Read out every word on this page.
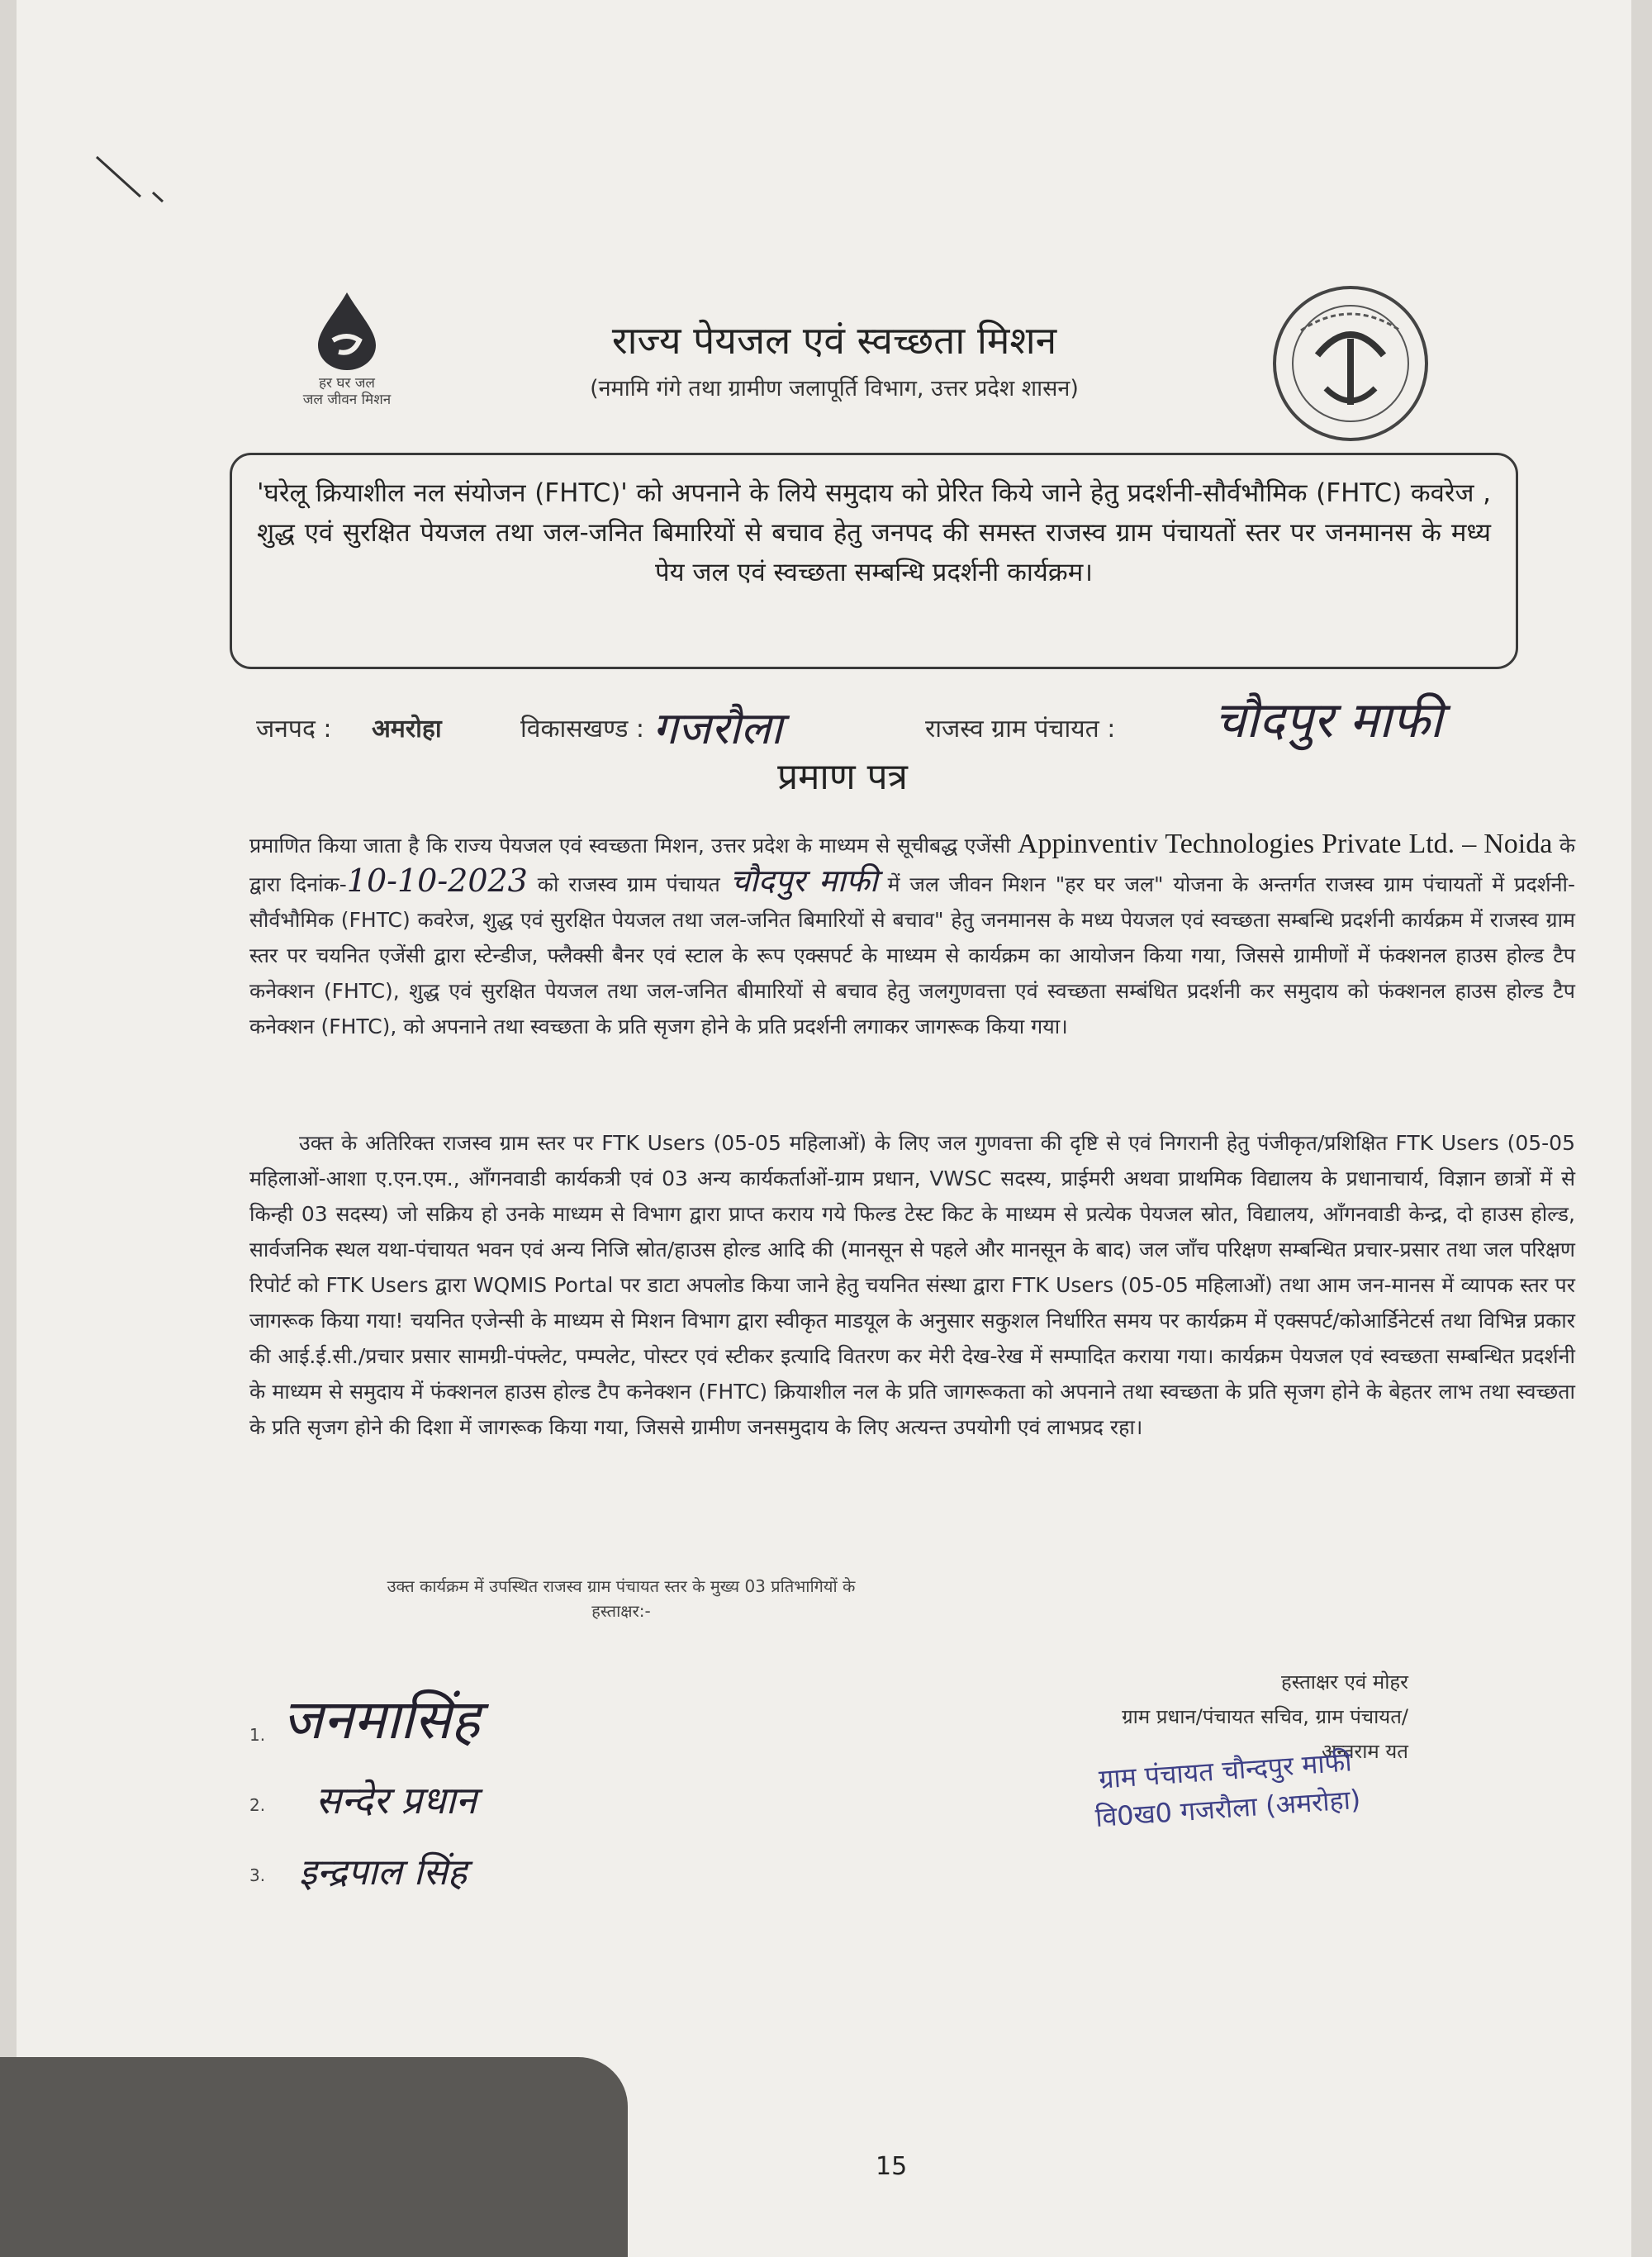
हर घर जल
जल जीवन मिशन
राज्य पेयजल एवं स्वच्छता मिशन
(नमामि गंगे तथा ग्रामीण जलापूर्ति विभाग, उत्तर प्रदेश शासन)
'घरेलू क्रियाशील नल संयोजन (FHTC)' को अपनाने के लिये समुदाय को प्रेरित किये जाने हेतु प्रदर्शनी-सौर्वभौमिक (FHTC) कवरेज , शुद्ध एवं सुरक्षित पेयजल तथा जल-जनित बिमारियों से बचाव हेतु जनपद की समस्त राजस्व ग्राम पंचायतों स्तर पर जनमानस के मध्य पेय जल एवं स्वच्छता सम्बन्धि प्रदर्शनी कार्यक्रम।
जनपद : अमरोहा	विकासखण्ड : गजरौला	राजस्व ग्राम पंचायत : चौदपुर माफी
प्रमाण पत्र
प्रमाणित किया जाता है कि राज्य पेयजल एवं स्वच्छता मिशन, उत्तर प्रदेश के माध्यम से सूचीबद्ध एजेंसी Appinventiv Technologies Private Ltd. – Noida के द्वारा दिनांक-10-10-2023 को राजस्व ग्राम पंचायत चौदपुर माफी में जल जीवन मिशन "हर घर जल" योजना के अन्तर्गत राजस्व ग्राम पंचायतों में प्रदर्शनी-सौर्वभौमिक (FHTC) कवरेज, शुद्ध एवं सुरक्षित पेयजल तथा जल-जनित बिमारियों से बचाव" हेतु जनमानस के मध्य पेयजल एवं स्वच्छता सम्बन्धि प्रदर्शनी कार्यक्रम में राजस्व ग्राम स्तर पर चयनित एजेंसी द्वारा स्टेन्डीज, फ्लैक्सी बैनर एवं स्टाल के रूप एक्सपर्ट के माध्यम से कार्यक्रम का आयोजन किया गया, जिससे ग्रामीणों में फंक्शनल हाउस होल्ड टैप कनेक्शन (FHTC), शुद्ध एवं सुरक्षित पेयजल तथा जल-जनित बीमारियों से बचाव हेतु जलगुणवत्ता एवं स्वच्छता सम्बंधित प्रदर्शनी कर समुदाय को फंक्शनल हाउस होल्ड टैप कनेक्शन (FHTC), को अपनाने तथा स्वच्छता के प्रति सृजग होने के प्रति प्रदर्शनी लगाकर जागरूक किया गया।
उक्त के अतिरिक्त राजस्व ग्राम स्तर पर FTK Users (05-05 महिलाओं) के लिए जल गुणवत्ता की दृष्टि से एवं निगरानी हेतु पंजीकृत/प्रशिक्षित FTK Users (05-05 महिलाओं-आशा ए.एन.एम., आँगनवाडी कार्यकत्री एवं 03 अन्य कार्यकर्ताओं-ग्राम प्रधान, VWSC सदस्य, प्राईमरी अथवा प्राथमिक विद्यालय के प्रधानाचार्य, विज्ञान छात्रों में से किन्ही 03 सदस्य) जो सक्रिय हो उनके माध्यम से विभाग द्वारा प्राप्त कराय गये फिल्ड टेस्ट किट के माध्यम से प्रत्येक पेयजल स्रोत, विद्यालय, आँगनवाडी केन्द्र, दो हाउस होल्ड, सार्वजनिक स्थल यथा-पंचायत भवन एवं अन्य निजि स्रोत/हाउस होल्ड आदि की (मानसून से पहले और मानसून के बाद) जल जाँच परिक्षण सम्बन्धित प्रचार-प्रसार तथा जल परिक्षण रिपोर्ट को FTK Users द्वारा WQMIS Portal पर डाटा अपलोड किया जाने हेतु चयनित संस्था द्वारा FTK Users (05-05 महिलाओं) तथा आम जन-मानस में व्यापक स्तर पर जागरूक किया गया! चयनित एजेन्सी के माध्यम से मिशन विभाग द्वारा स्वीकृत माडयूल के अनुसार सकुशल निर्धारित समय पर कार्यक्रम में एक्सपर्ट/कोआर्डिनेटर्स तथा विभिन्न प्रकार की आई.ई.सी./प्रचार प्रसार सामग्री-पंफ्लेट, पम्पलेट, पोस्टर एवं स्टीकर इत्यादि वितरण कर मेरी देख-रेख में सम्पादित कराया गया। कार्यक्रम पेयजल एवं स्वच्छता सम्बन्धित प्रदर्शनी के माध्यम से समुदाय में फंक्शनल हाउस होल्ड टैप कनेक्शन (FHTC) क्रियाशील नल के प्रति जागरूकता को अपनाने तथा स्वच्छता के प्रति सृजग होने के बेहतर लाभ तथा स्वच्छता के प्रति सृजग होने की दिशा में जागरूक किया गया, जिससे ग्रामीण जनसमुदाय के लिए अत्यन्त उपयोगी एवं लाभप्रद रहा।
उक्त कार्यक्रम में उपस्थित राजस्व ग्राम पंचायत स्तर के मुख्य 03 प्रतिभागियों के
हस्ताक्षर:-
1. जनमासिंह
2. सन्देर प्रधान
3. इन्द्रपाल सिंह
हस्ताक्षर एवं मोहर
ग्राम प्रधान/पंचायत सचिव, ग्राम पंचायत/
अन्तराम यत
ग्राम पंचायत चौन्दपुर माफी
वि0ख0 गजरौला (अमरोहा)
15
